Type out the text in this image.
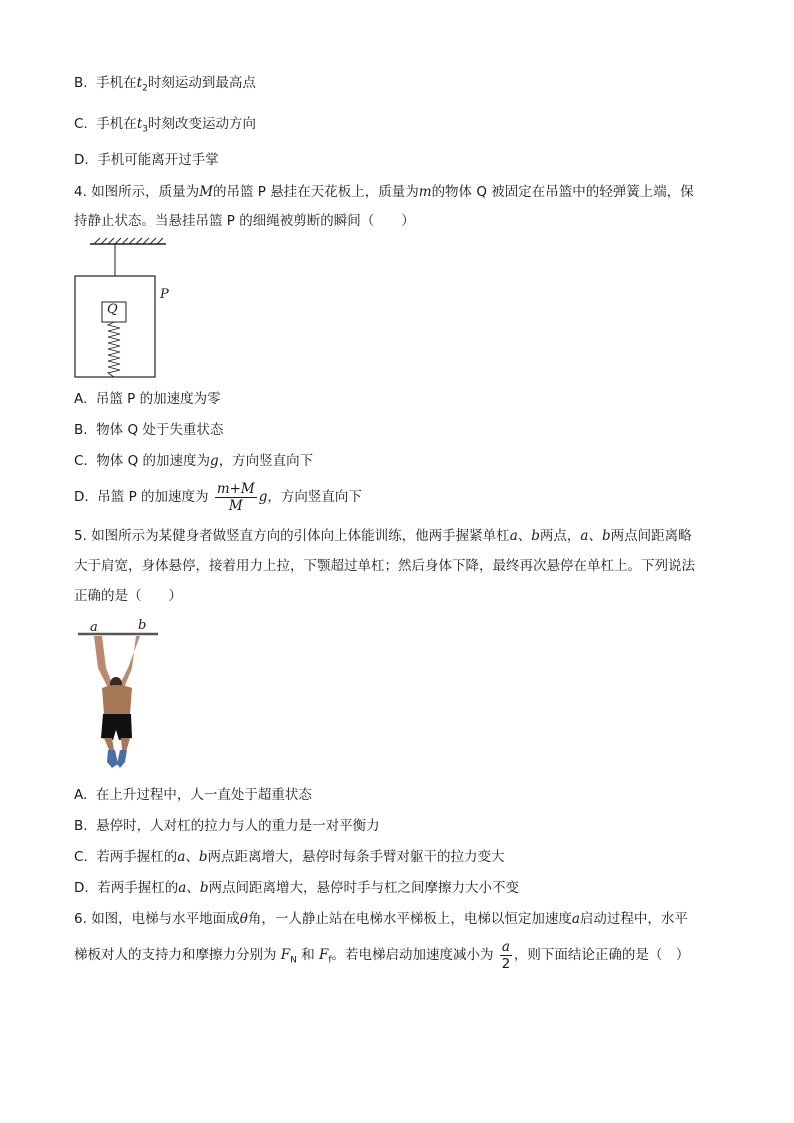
B. 手机在$t_2$时刻运动到最高点
C. 手机在$t_3$时刻改变运动方向
D. 手机可能离开过手掌
4. 如图所示，质量为M的吊篮 P 悬挂在天花板上，质量为m的物体 Q 被固定在吊篮中的轻弹簧上端，保
持静止状态。当悬挂吊篮 P 的细绳被剪断的瞬间（　　）
Q
P
A. 吊篮 P 的加速度为零
B. 物体 Q 处于失重状态
C. 物体 Q 的加速度为g，方向竖直向下
D. 吊篮 P 的加速度为 $\frac{m+M}{M}$ g，方向竖直向下
5. 如图所示为某健身者做竖直方向的引体向上体能训练，他两手握紧单杠a、b两点，a、b两点间距离略
大于肩宽，身体悬停，接着用力上拉，下颚超过单杠；然后身体下降，最终再次悬停在单杠上。下列说法
正确的是（　　）
a	b
A. 在上升过程中，人一直处于超重状态
B. 悬停时，人对杠的拉力与人的重力是一对平衡力
C. 若两手握杠的a、b两点距离增大，悬停时每条手臂对躯干的拉力变大
D. 若两手握杠的a、b两点间距离增大，悬停时手与杠之间摩擦力大小不变
6. 如图，电梯与水平地面成θ角，一人静止站在电梯水平梯板上，电梯以恒定加速度a启动过程中，水平
梯板对人的支持力和摩擦力分别为 $F_N$ 和 $F_f$。若电梯启动加速度减小为 $\frac{a}{2}$ ，则下面结论正确的是（　）
